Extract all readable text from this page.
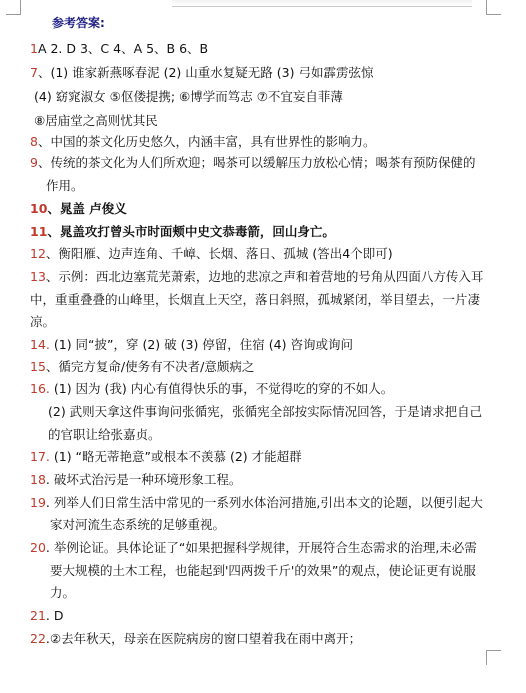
参考答案:
1A 2. D 3、C 4、A 5、B 6、B
7、(1) 谁家新燕啄春泥 (2) 山重水复疑无路 (3) 弓如霹雳弦惊
(4) 窈窕淑女 ⑤伛偻提携; ⑥博学而笃志 ⑦不宜妄自菲薄
⑧居庙堂之高则忧其民
8、中国的茶文化历史悠久，内涵丰富，具有世界性的影响力。
9、传统的茶文化为人们所欢迎；喝茶可以缓解压力放松心情；喝茶有预防保健的
作用。
10、晁盖 卢俊义
11、晁盖攻打曾头市时面颊中史文恭毒箭，回山身亡。
12、衡阳雁、边声连角、千嶂、长烟、落日、孤城 (答出4个即可)
13、示例：西北边塞荒芜萧索，边地的悲凉之声和着营地的号角从四面八方传入耳
中，重重叠叠的山峰里，长烟直上天空，落日斜照，孤城紧闭，举目望去，一片凄
凉。
14. (1) 同“披”，穿 (2) 破 (3) 停留，住宿 (4) 咨询或询问
15、循完方复命/使务有不决者/意颇病之
16. (1) 因为 (我) 内心有值得快乐的事，不觉得吃的穿的不如人。
(2) 武则天拿这件事询问张循宪，张循宪全部按实际情况回答，于是请求把自己
的官职让给张嘉贞。
17. (1) “略无蒂艳意”或根本不羡慕 (2) 才能超群
18. 破坏式治污是一种环境形象工程。
19. 列举人们日常生活中常见的一系列水体治河措施,引出本文的论题，以便引起大
家对河流生态系统的足够重视。
20. 举例论证。具体论证了“如果把握科学规律，开展符合生态需求的治理,未必需
要大规模的土木工程，也能起到'四两拨千斤'的效果”的观点，使论证更有说服
力。
21. D
22.②去年秋天，母亲在医院病房的窗口望着我在雨中离开；
